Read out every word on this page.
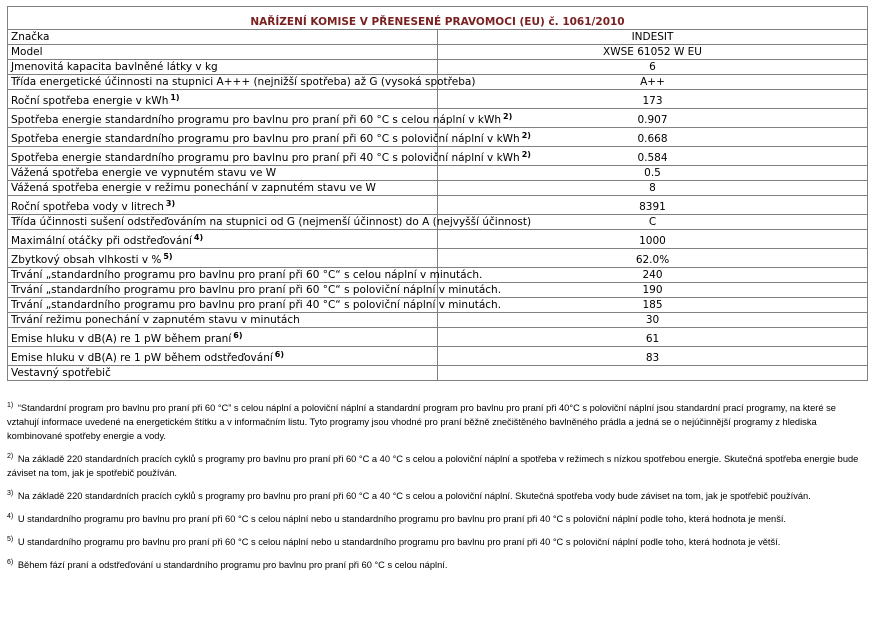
NAŘÍZENÍ KOMISE V PŘENESENÉ PRAVOMOCI (EU) č. 1061/2010	
Značka	INDESIT
Model	XWSE 61052 W EU
Jmenovitá kapacita bavlněné látky v kg	6
Třída energetické účinnosti na stupnici A+++ (nejnižší spotřeba) až G (vysoká spotřeba)	A++
Roční spotřeba energie v kWh $^{1)}$	173
Spotřeba energie standardního programu pro bavlnu pro praní při 60 °C s celou náplní v kWh $^{2)}$	0.907
Spotřeba energie standardního programu pro bavlnu pro praní při 60 °C s poloviční náplní v kWh $^{2)}$	0.668
Spotřeba energie standardního programu pro bavlnu pro praní při 40 °C s poloviční náplní v kWh $^{2)}$	0.584
Vážená spotřeba energie ve vypnutém stavu ve W	0.5
Vážená spotřeba energie v režimu ponechání v zapnutém stavu ve W	8
Roční spotřeba vody v litrech $^{3)}$	8391
Třída účinnosti sušení odstřeďováním na stupnici od G (nejmenší účinnost) do A (nejvyšší účinnost)	C
Maximální otáčky při odstřeďování $^{4)}$	1000
Zbytkový obsah vlhkosti v % $^{5)}$	62.0%
Trvání „standardního programu pro bavlnu pro praní při 60 °C“ s celou náplní v minutách.	240
Trvání „standardního programu pro bavlnu pro praní při 60 °C“ s poloviční náplní v minutách.	190
Trvání „standardního programu pro bavlnu pro praní při 40 °C“ s poloviční náplní v minutách.	185
Trvání režimu ponechání v zapnutém stavu v minutách	30
Emise hluku v dB(A) re 1 pW během praní $^{6)}$	61
Emise hluku v dB(A) re 1 pW během odstřeďování $^{6)}$	83
Vestavný spotřebič	

$^{1)}$ “Standardní program pro bavlnu pro praní při 60 °C” s celou náplní a poloviční náplní a standardní program pro bavlnu pro praní při 40°C s poloviční náplní jsou standardní prací programy, na které se vztahují informace uvedené na energetickém štítku a v informačním listu. Tyto programy jsou vhodné pro praní běžně znečištěného bavlněného prádla a jedná se o nejúčinnější programy z hlediska kombinované spotřeby energie a vody.

$^{2)}$ Na základě 220 standardních pracích cyklů s programy pro bavlnu pro praní při 60 °C a 40 °C s celou a poloviční náplní a spotřeba v režimech s nízkou spotřebou energie. Skutečná spotřeba energie bude záviset na tom, jak je spotřebič používán.

$^{3)}$ Na základě 220 standardních pracích cyklů s programy pro bavlnu pro praní při 60 °C a 40 °C s celou a poloviční náplní. Skutečná spotřeba vody bude záviset na tom, jak je spotřebič používán.

$^{4)}$ U standardního programu pro bavlnu pro praní při 60 °C s celou náplní nebo u standardního programu pro bavlnu pro praní při 40 °C s poloviční náplní podle toho, která hodnota je menší.

$^{5)}$ U standardního programu pro bavlnu pro praní při 60 °C s celou náplní nebo u standardního programu pro bavlnu pro praní při 40 °C s poloviční náplní podle toho, která hodnota je větší.

$^{6)}$ Během fází praní a odstřeďování u standardního programu pro bavlnu pro praní při 60 °C s celou náplní.
